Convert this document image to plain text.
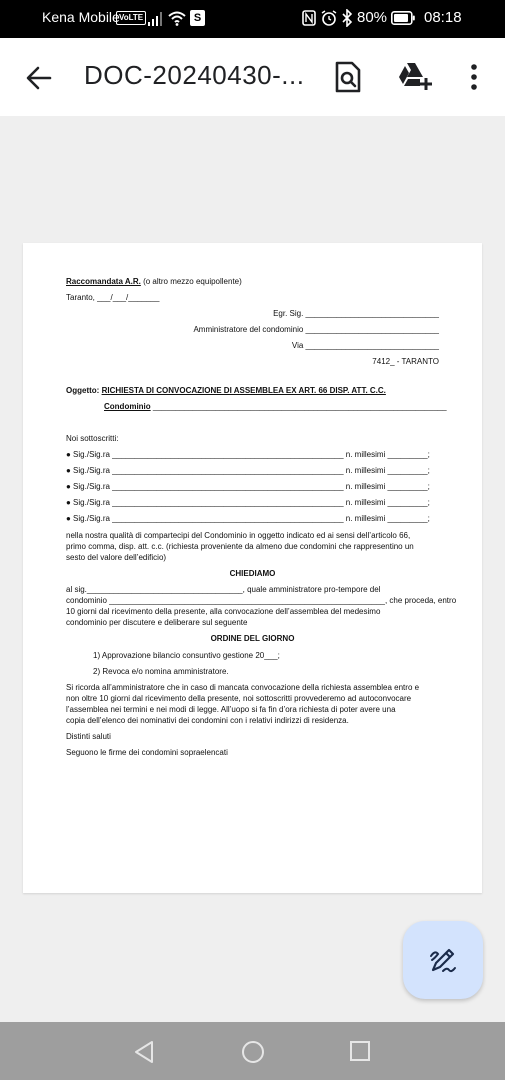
Kena Mobile VoLTE	S	80% 08:18
DOC-20240430-...
Raccomandata A.R. (o altro mezzo equipollente)
Taranto, ___/___/_______
Egr. Sig. ______________________________
Amministratore del condominio ______________________________
Via ______________________________
7412_ - TARANTO
Oggetto: RICHIESTA DI CONVOCAZIONE DI ASSEMBLEA EX ART. 66 DISP. ATT. C.C.
Condominio __________________________________________________________________
Noi sottoscritti:
● Sig./Sig.ra ____________________________________________________ n. millesimi _________;
● Sig./Sig.ra ____________________________________________________ n. millesimi _________;
● Sig./Sig.ra ____________________________________________________ n. millesimi _________;
● Sig./Sig.ra ____________________________________________________ n. millesimi _________;
● Sig./Sig.ra ____________________________________________________ n. millesimi _________;
nella nostra qualità di compartecipi del Condominio in oggetto indicato ed ai sensi dell’articolo 66,
primo comma, disp. att. c.c. (richiesta proveniente da almeno due condomini che rappresentino un
sesto del valore dell’edificio)
CHIEDIAMO
al sig.___________________________________, quale amministratore pro-tempore del
condominio ______________________________________________________________, che proceda, entro
10 giorni dal ricevimento della presente, alla convocazione dell’assemblea del medesimo
condominio per discutere e deliberare sul seguente
ORDINE DEL GIORNO
1) Approvazione bilancio consuntivo gestione 20___;
2) Revoca e/o nomina amministratore.
Si ricorda all’amministratore che in caso di mancata convocazione della richiesta assemblea entro e
non oltre 10 giorni dal ricevimento della presente, noi sottoscritti provvederemo ad autoconvocare
l’assemblea nei termini e nei modi di legge. All’uopo si fa fin d’ora richiesta di poter avere una
copia dell’elenco dei nominativi dei condomini con i relativi indirizzi di residenza.
Distinti saluti
Seguono le firme dei condomini sopraelencati
